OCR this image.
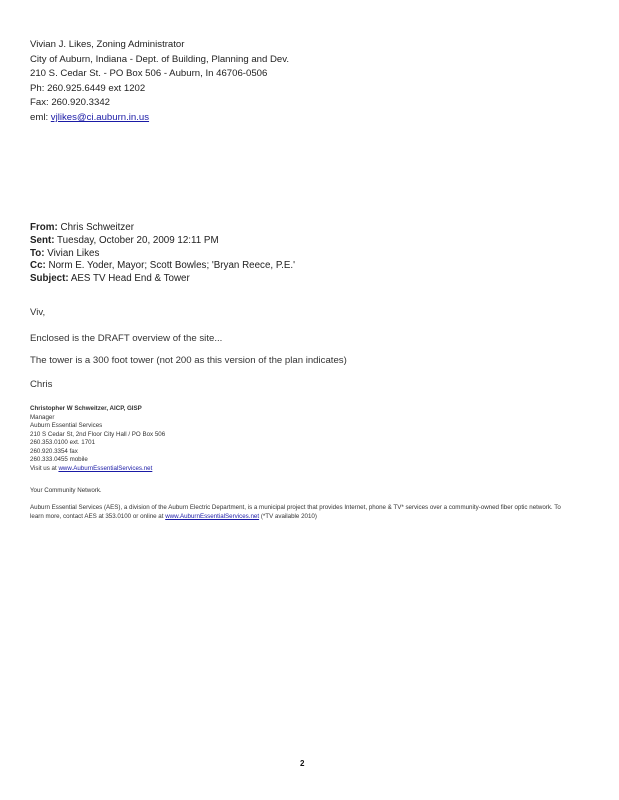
Vivian J. Likes, Zoning Administrator
City of Auburn, Indiana - Dept. of Building, Planning and Dev.
210 S. Cedar St. - PO Box 506 - Auburn, In 46706-0506
Ph: 260.925.6449 ext 1202
Fax: 260.920.3342
eml: vjlikes@ci.auburn.in.us
From: Chris Schweitzer
Sent: Tuesday, October 20, 2009 12:11 PM
To: Vivian Likes
Cc: Norm E. Yoder, Mayor; Scott Bowles; 'Bryan Reece, P.E.'
Subject: AES TV Head End & Tower

Viv,

Enclosed is the DRAFT overview of the site...

The tower is a 300 foot tower (not 200 as this version of the plan indicates)

Chris

Christopher W Schweitzer, AICP, GISP
Manager
Auburn Essential Services
210 S Cedar St, 2nd Floor City Hall / PO Box 506
260.353.0100 ext. 1701
260.920.3354 fax
260.333.0455 mobile
Visit us at www.AuburnEssentialServices.net
Your Community Network.
Auburn Essential Services (AES), a division of the Auburn Electric Department, is a municipal project that provides Internet, phone & TV* services over a community-owned fiber optic network. To learn more, contact AES at 353.0100 or online at www.AuburnEssentialServices.net (*TV available 2010)
2
